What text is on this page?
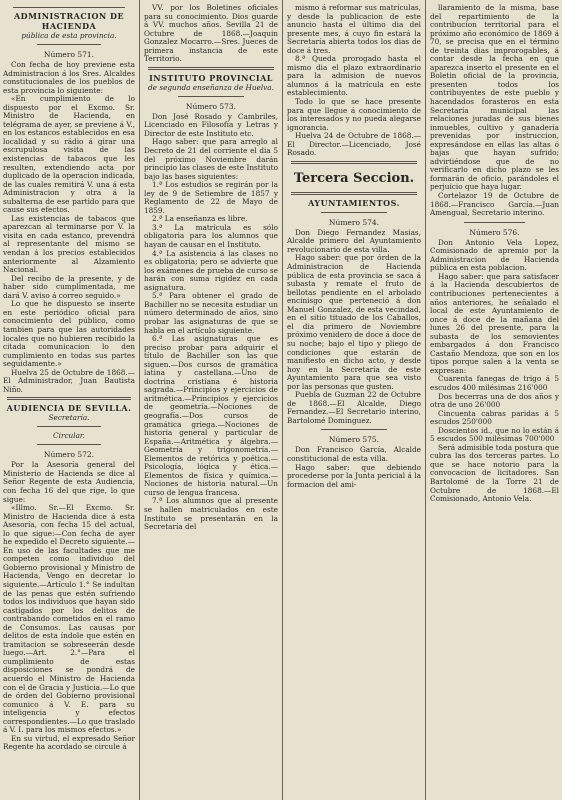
ADMINISTRACION DE HACIENDA

pública de esta provincia.

Número 571.

Con fecha de hoy previene esta Administracion á los Sres. Alcaldes constitucionales de los pueblos de esta provincia lo siguiente:

«En cumplimiento de lo dispuesto por el Excmo. Sr. Ministro de Hacienda, en telégrama de ayer, se previene á V., en los estancos establecidos en esa localidad y su rádio á girar una escrupulosa visita de las existencias de tabacos que les resulten, extendiendo acta por duplicado de la operacion indicada, de las cuales remitirá V. una á esta Administracion y otra á la subalterna de ese partido para que cause sus efectos.

Las existencias de tabacos que aparezcan al terminarse por V. la visita en cada estanco, prevendrá al representante del mismo se vendan á los precios establecidos anteriormente al Alzamiento Nacional.

Del recibo de la presente, y de haber sido cumplimentada, me dará V. aviso á correo seguido.»

Lo que he dispuesto se inserte en este periódico oficial para conocimiento del público, como tambien para que las autoridades locales que no hubieren recibido la citada comunicacion lo den cumplimiento en todas sus partes seguidamente.»

Huelva 25 de Octubre de 1868.—El Administrador, Juan Bautista Niño.

AUDIENCIA DE SEVILLA.

Secretaría.

Circular.

Número 572.

Por la Asesoría general del Ministerio de Hacienda se dice al Señor Regente de esta Audiencia, con fecha 16 del que rige, lo que sigue:

«Illmo. Sr.—El Excmo. Sr. Ministro de Hacienda dice á esta Asesoría, con fecha 15 del actual, lo que sigue:—Con fecha de ayer he expedido el Decreto siguiente.—En uso de las facultades que me competen como individuo del Gobierno provisional y Ministro de Hacienda, Vengo en decretar lo siguiente.—Artículo 1.° Se indultan de las penas que estén sufriendo todos los individuos que hayan sido castigados por los delitos de contrabando cometidos en el ramo de Consumos. Las causas por delitos de esta índole que estén en tramitacion se sobreseerán desde luego.—Art. 2.°—Para el cumplimiento de estas disposiciones se pondrá de acuerdo el Ministro de Hacienda con el de Gracia y Justicia.—Lo que de órden del Gobierno provisional comunico á V. E. para su inteligencia y efectos correspondientes.—Lo que traslado á V. I. para los mismos efectos.»

En su virtud, el expresado Señor Regente ha acordado se circule á

VV. por los Boletines oficiales para su conocimiento. Dios guarde á VV. muchos años. Sevilla 21 de Octubre de 1868.—Joaquin Gonzalez Mocarro.—Sres. Jueces de primera instancia de este Territorio.

INSTITUTO PROVINCIAL

de segunda enseñanza de Huelva.

Número 573.

Don José Rosado y Cambriles, Licenciado en Filosofía y Letras y Director de este Instituto etc.

Hago saber: que para arreglo al Decreto de 21 del corriente el dia 5 del próximo Noviembre darán principio las clases de este Instituto bajo las bases siguientes:

1.ª Los estudios se regirán por la ley de 9 de Setiembre de 1857 y Reglamento de 22 de Mayo de 1859.

2.ª La enseñanza es libre.

3.ª La matrícula es sólo obligatoria para los alumnos que hayan de causar en el Instituto.

4.ª La asistencia á las clases no es obligatoria; pero se advierte que los exámenes de prueba de curso se harán con suma rigidez en cada asignatura.

5.ª Para obtener el grado de Bachiller no se necesita estudiar un número determinado de años, sino probar las asignaturas de que se habla en el artículo siguiente.

6.ª Las asignaturas que es preciso probar para adquirir el título de Bachiller son las que siguen.—Dos cursos de gramática latina y castellana.—Uno de doctrina cristiana é historia sagrada.—Principios y ejercicios de aritmética.—Principios y ejercicios de geometría.—Nociones de geografía.—Dos cursos de gramática griega.—Nociones de historia general y particular de España.—Aritmética y álgebra.—Geometría y trigonometría.—Elementos de retórica y poética.—Psicología, lógica y ética.—Elementos de física y química.—Nociones de historia natural.—Un curso de lengua francesa.

7.ª Los alumnos que al presente se hallen matriculados en este Instituto se presentarán en la Secretaría del

mismo á reformar sus matrículas, y desde la publicacion de este anuncio hasta el último dia del presente mes, á cuyo fin estará la Secretaría abierta todos los dias de doce á tres.

8.ª Queda prorogado hasta el mismo dia el plazo extraordinario para la admision de nuevos alumnos á la matrícula en este establecimiento.

Todo lo que se hace presente para que llegue á conocimiento de los interesados y no pueda alegarse ignorancia.

Huelva 24 de Octubre de 1868.—El Director.—Licenciado, José Rosado.

Tercera Seccion.

AYUNTAMIENTOS.

Número 574.

Don Diego Fernandez Masias, Alcalde primero del Ayuntamiento revolucionario de esta villa.

Hago saber: que por órden de la Administracion de Hacienda pública de esta provincia se saca á subasta y remate el fruto de bellotas pendiente en el arbolado encinisgo que perteneció á don Manuel Gonzalez, de esta vecindad, en el sitio tituado de los Caballos, el dia primero de Noviembre próximo venidero de doce á doce de su noche; bajo el tipo y pliego de condiciones que estarán de manifiesto en dicho acto, y desde hoy en la Secretaría de este Ayuntamiento para que sea visto por las personas que gusten.

Puebla de Guzman 22 de Octubre de 1868.—El Alcalde, Diego Fernandez.—El Secretario interino, Bartolomé Dominguez.

Número 575.

Don Francisco García, Alcalde constitucional de esta villa.

Hago saber: que debiendo procederse por la Junta pericial á la formacion del ami-

llaramiento de la misma, base del repartimiento de la contribucion territorial para el próximo año económico de 1869 á 70, se precisa que en el término de treinta dias improrogables, á contar desde la fecha en que aparezca inserto el presente en el Boletin oficial de la provincia, presenten todos los contribuyentes de este pueblo y hacendados forasteros en esta Secretaría municipal las relaciones juradas de sus bienes inmuebles, cultivo y ganadería prevenidas por instruccion, expresándose en ellas las altas ó bajas que hayan sufrido; advirtiéndose que de no verificarlo en dicho plazo se les formarán de oficio, parándoles el perjuicio que haya lugar.

Cortelazor 19 de Octubre de 1868.—Francisco García.—Juan Amengual, Secretario interino.

Número 576.

Don Antonio Vela Lopez, Comisionado de apremio por la Administracion de Hacienda pública en esta poblacion.

Hago saber: que para satisfacer á la Hacienda descubiertos de contribuciones pertenecientes á años anteriores, he señalado el local de este Ayuntamiento de once á doce de la mañana del lunes 26 del presente, para la subasta de los semovientes embargados á don Francisco Castaño Mendoza, que son en los tipos porque salen á la venta se expresan:

Cuarenta fanegas de trigo á 5 escudos 400 milésimas 216'000

Dos becerras una de dos años y otra de uno 26'000

Cincuenta cabras paridas á 5 escudos 250'000

Doscientos id., que no lo están á 5 escudos 500 milésimas 700'000

Será admisible toda postura que cubra las dos terceras partes. Lo que se hace notorio para la convocacion de licitadores. San Bartolomé de la Torre 21 de Octubre de 1868.—El Comisionado, Antonio Vela.
